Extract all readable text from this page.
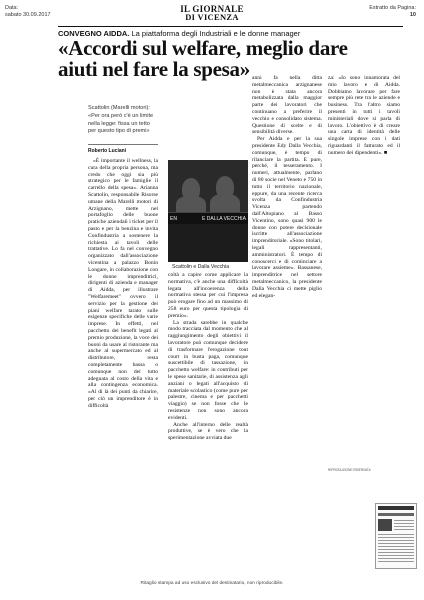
Data:
sabato 30.09.2017
Estratto da Pagina:
10
IL GIORNALE
DI VICENZA
CONVEGNO AIDDA. La piattaforma degli Industriali e le donne manager
«Accordi sul welfare, meglio dare aiuti nel fare la spesa»
Scattolin (Marelli motori): «Per ora però c'è un limite nella legge: fissa un tetto per questo tipo di premi»
Roberto Luciani

«È importante il wellness, la cura della propria persona, ma credo che oggi sia più strategico per le famiglie il carrello della spesa». Arianna Scattolin, responsabile Risorse umane della Marelli motori di Arzignano, mette nel portafoglio delle buone pratiche aziendali i ticket per il pasto e per la benzina e invita Confindustria a sostenere la richiesta ai tavoli delle trattative. Lo fa nel convegno organizzato dall'associazione vicentina a palazzo Bonin Longare, in collaborazione con le donne imprenditrici, dirigenti di azienda e manager di Aidda, per illustrare "Welfaremeet" ovvero il servizio per la gestione dei piani welfare tarato sulle esigenze specifiche delle varie imprese. In effetti, nel pacchetto dei benefit legati al premio produzione, la voce dei buoni da usare al ristorante ma anche al supermercato ed al distributore, resta completamente bassa o comunque non del tutto adeguata al costo della vita e alla contingenza economica. «Al di là dei punti da chiarire, per ciò un imprenditore è in difficoltà

EN	E DALLA VECCHIA
Scattolin e Dalla Vecchia

coltà a capire come applicare la normativa, c'è anche una difficoltà legata all'incoerenza della normativa stessa per cui l'impresa può erogare fino ad un massimo di 258 euro per questa tipologia di premio».

La strada sarebbe in qualche modo tracciata dal momento che al raggiungimento degli obiettivi il lavoratore può comunque decidere di trasformare l'erogazione tout court in busta paga, comunque suscettibile di tassazione, in pacchetto welfare: in contributi per le spese sanitarie, di assistenza agli anziani o legati all'acquisto di materiale scolastico (come pure per palestre, cinema e per pacchetti viaggio) se non fosse che le resistenze non sono ancora evidenti.

Anche all'interno delle realtà produttive, se è vero che la sperimentazione avviata due

anni fa nella ditta metalmeccanica arzignanese non è stata ancora metabolizzata dalla maggior parte dei lavoratori che continuano a preferire il vecchio e consolidato sistema. Questione di scelte e di sensibilità diverse.

Per Aidda e per la sua presidente Edy Dalla Vecchia, comunque, è tempo di rilanciare la partita. E pure, perché, il tesseramento. I numeri, attualmente, parlano di 80 socie nel Veneto e 750 in tutto il territorio nazionale, eppure, da una recente ricerca svolta da Confindustria Vicenza partendo dall'Altopiano al Basso Vicentino, sono quasi 900 le donne con potere decisionale iscritte all'associazione imprenditoriale. «Sono titolari, legali rappresentanti, amministratori. È tempo di conoscerci e di cominciare a lavorare assieme». Bassanese, imprenditrice nel settore metalmeccanico, la presidente Dalla Vecchia ci mette piglio ed elegan-

za: «Io sono innamorata del mio lavoro e di Aidda. Dobbiamo lavorare per fare sempre più rete tra le aziende e business. Tra l'altro siamo presenti in tutti i tavoli ministeriali dove si parla di lavoro. L'obiettivo è di creare una carta di identità delle singole imprese con i dati riguardanti il fatturato ed il numero dei dipendenti». ■

RIPRODUZIONE RISERVATA
Ritaglio stampa ad uso esclusivo del destinatario, non riproducibile.
